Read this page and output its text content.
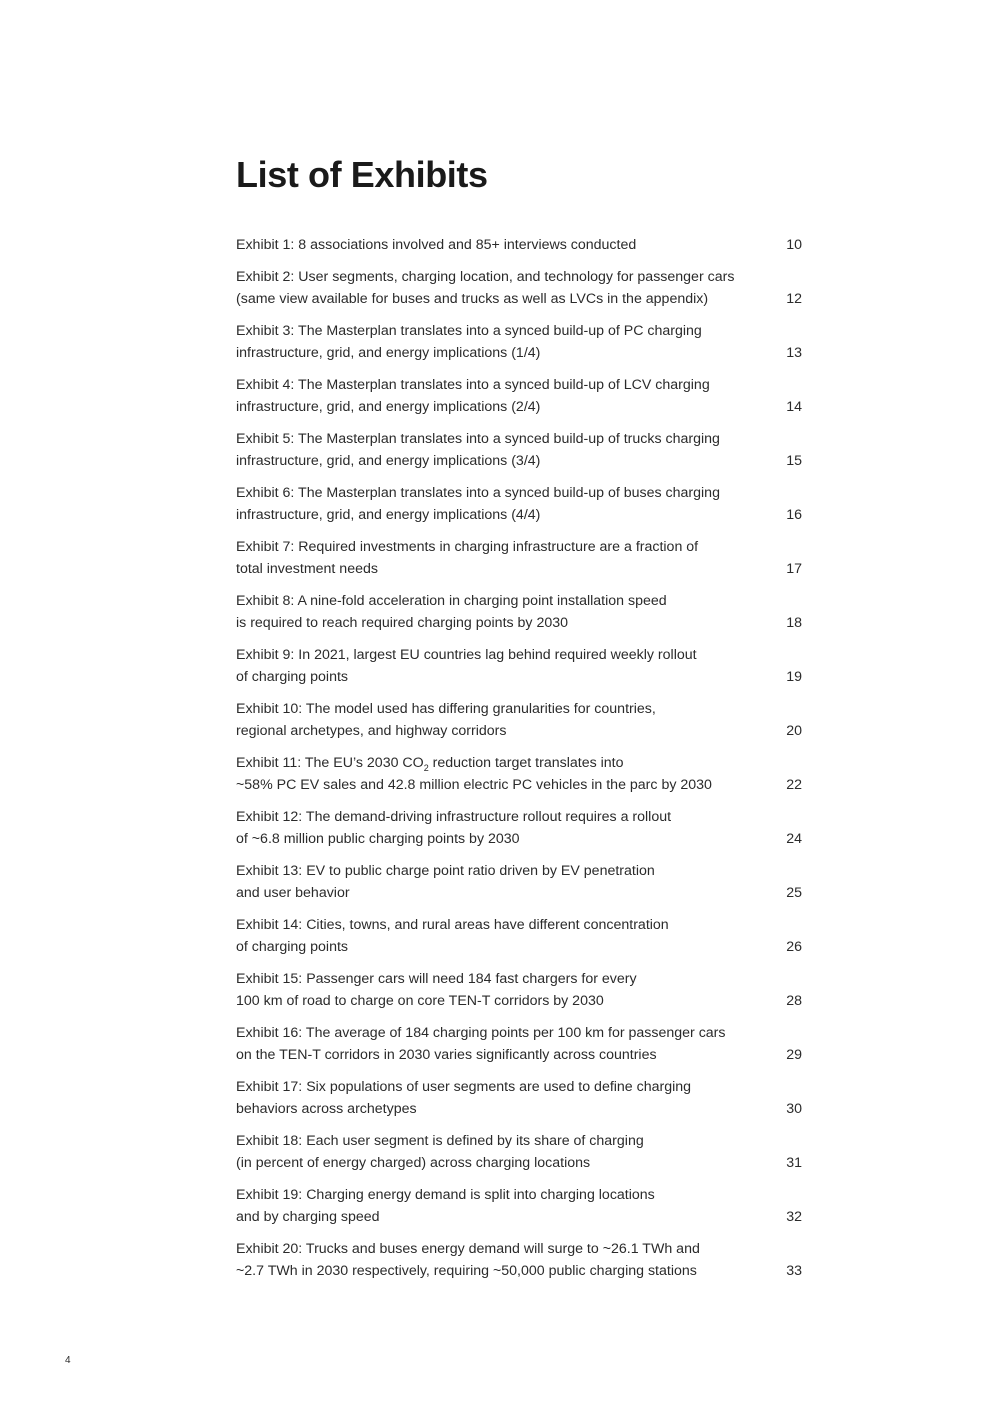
List of Exhibits
Exhibit 1: 8 associations involved and 85+ interviews conducted	10
Exhibit 2: User segments, charging location, and technology for passenger cars
(same view available for buses and trucks as well as LVCs in the appendix)	12
Exhibit 3: The Masterplan translates into a synced build-up of PC charging
infrastructure, grid, and energy implications (1/4)	13
Exhibit 4: The Masterplan translates into a synced build-up of LCV charging
infrastructure, grid, and energy implications (2/4)	14
Exhibit 5: The Masterplan translates into a synced build-up of trucks charging
infrastructure, grid, and energy implications (3/4)	15
Exhibit 6: The Masterplan translates into a synced build-up of buses charging
infrastructure, grid, and energy implications (4/4)	16
Exhibit 7: Required investments in charging infrastructure are a fraction of
total investment needs	17
Exhibit 8: A nine-fold acceleration in charging point installation speed
is required to reach required charging points by 2030	18
Exhibit 9: In 2021, largest EU countries lag behind required weekly rollout
of charging points	19
Exhibit 10: The model used has differing granularities for countries,
regional archetypes, and highway corridors	20
Exhibit 11: The EU’s 2030 $CO_2$ reduction target translates into
~58% PC EV sales and 42.8 million electric PC vehicles in the parc by 2030	22
Exhibit 12: The demand-driving infrastructure rollout requires a rollout
of ~6.8 million public charging points by 2030	24
Exhibit 13: EV to public charge point ratio driven by EV penetration
and user behavior	25
Exhibit 14: Cities, towns, and rural areas have different concentration
of charging points	26
Exhibit 15: Passenger cars will need 184 fast chargers for every
100 km of road to charge on core TEN-T corridors by 2030	28
Exhibit 16: The average of 184 charging points per 100 km for passenger cars
on the TEN-T corridors in 2030 varies significantly across countries	29
Exhibit 17: Six populations of user segments are used to define charging
behaviors across archetypes	30
Exhibit 18: Each user segment is defined by its share of charging
(in percent of energy charged) across charging locations	31
Exhibit 19: Charging energy demand is split into charging locations
and by charging speed	32
Exhibit 20: Trucks and buses energy demand will surge to ~26.1 TWh and
~2.7 TWh in 2030 respectively, requiring ~50,000 public charging stations	33
4
